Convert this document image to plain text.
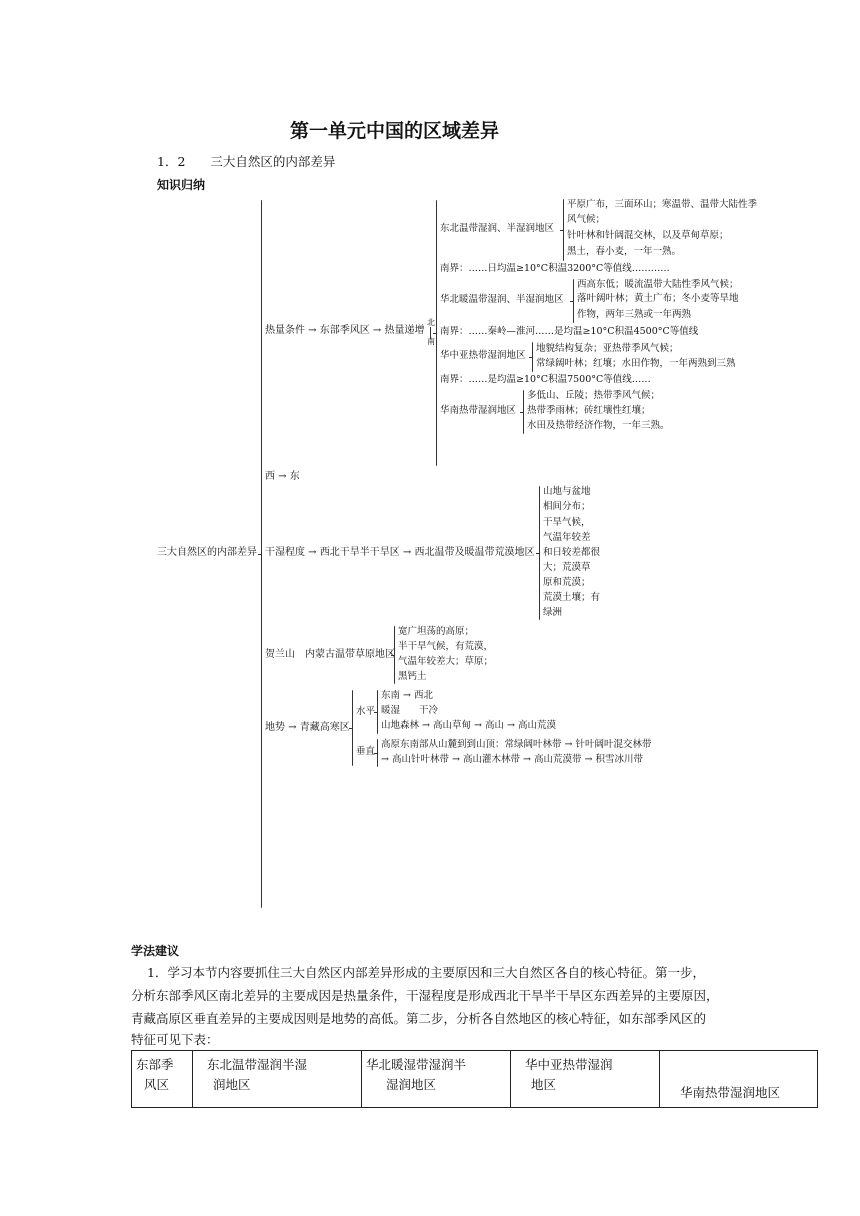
第一单元中国的区域差异
1．2　　三大自然区的内部差异
知识归纳
三大自然区的内部差异
热量条件 → 东部季风区 → 热量递增
北
南
东北温带湿润、半湿润地区
平原广布，三面环山；寒温带、温带大陆性季
风气候；
针叶林和针阔混交林，以及草甸草原；
黑土，春小麦，一年一熟。
南界：……日均温≥10°C积温3200°C等值线…………
华北暖温带湿润、半湿润地区
西高东低；暖流温带大陆性季风气候；
落叶阔叶林；黄土广布；冬小麦等旱地
作物，两年三熟或一年两熟
南界：……秦岭—淮河……是均温≥10°C积温4500°C等值线
华中亚热带湿润地区
地貌结构复杂；亚热带季风气候；
常绿阔叶林；红壤；水田作物，一年两熟到三熟
南界：……是均温≥10°C积温7500°C等值线……
华南热带湿润地区
多低山、丘陵；热带季风气候；
热带季雨林；砖红壤性红壤；
水田及热带经济作物，一年三熟。
西 → 东
干湿程度 → 西北干旱半干旱区 → 西北温带及暖温带荒漠地区
山地与盆地
相间分布；
干旱气候，
气温年较差
和日较差都很
大；荒漠草
原和荒漠；
荒漠土壤；有
绿洲
贺兰山　内蒙古温带草原地区
宽广坦荡的高原；
半干旱气候，有荒漠，
气温年较差大；草原；
黑钙土
地势 → 青藏高寒区
水平
东南 → 西北
暖湿　　干冷
山地森林 → 高山草甸 → 高山 → 高山荒漠
垂直
高原东南部从山麓到到山顶：常绿阔叶林带 → 针叶阔叶混交林带
→ 高山针叶林带 → 高山灌木林带 → 高山荒漠带 → 积雪冰川带
学法建议
1．学习本节内容要抓住三大自然区内部差异形成的主要原因和三大自然区各自的核心特征。第一步，
分析东部季风区南北差异的主要成因是热量条件，干湿程度是形成西北干旱半干旱区东西差异的主要原因，
青藏高原区垂直差异的主要成因则是地势的高低。第二步，分析各自然地区的核心特征，如东部季风区的
特征可见下表：
东部季
风区

东北温带湿润半湿
润地区

华北暖湿带湿润半
湿润地区

华中亚热带湿润
地区

华南热带湿润地区
